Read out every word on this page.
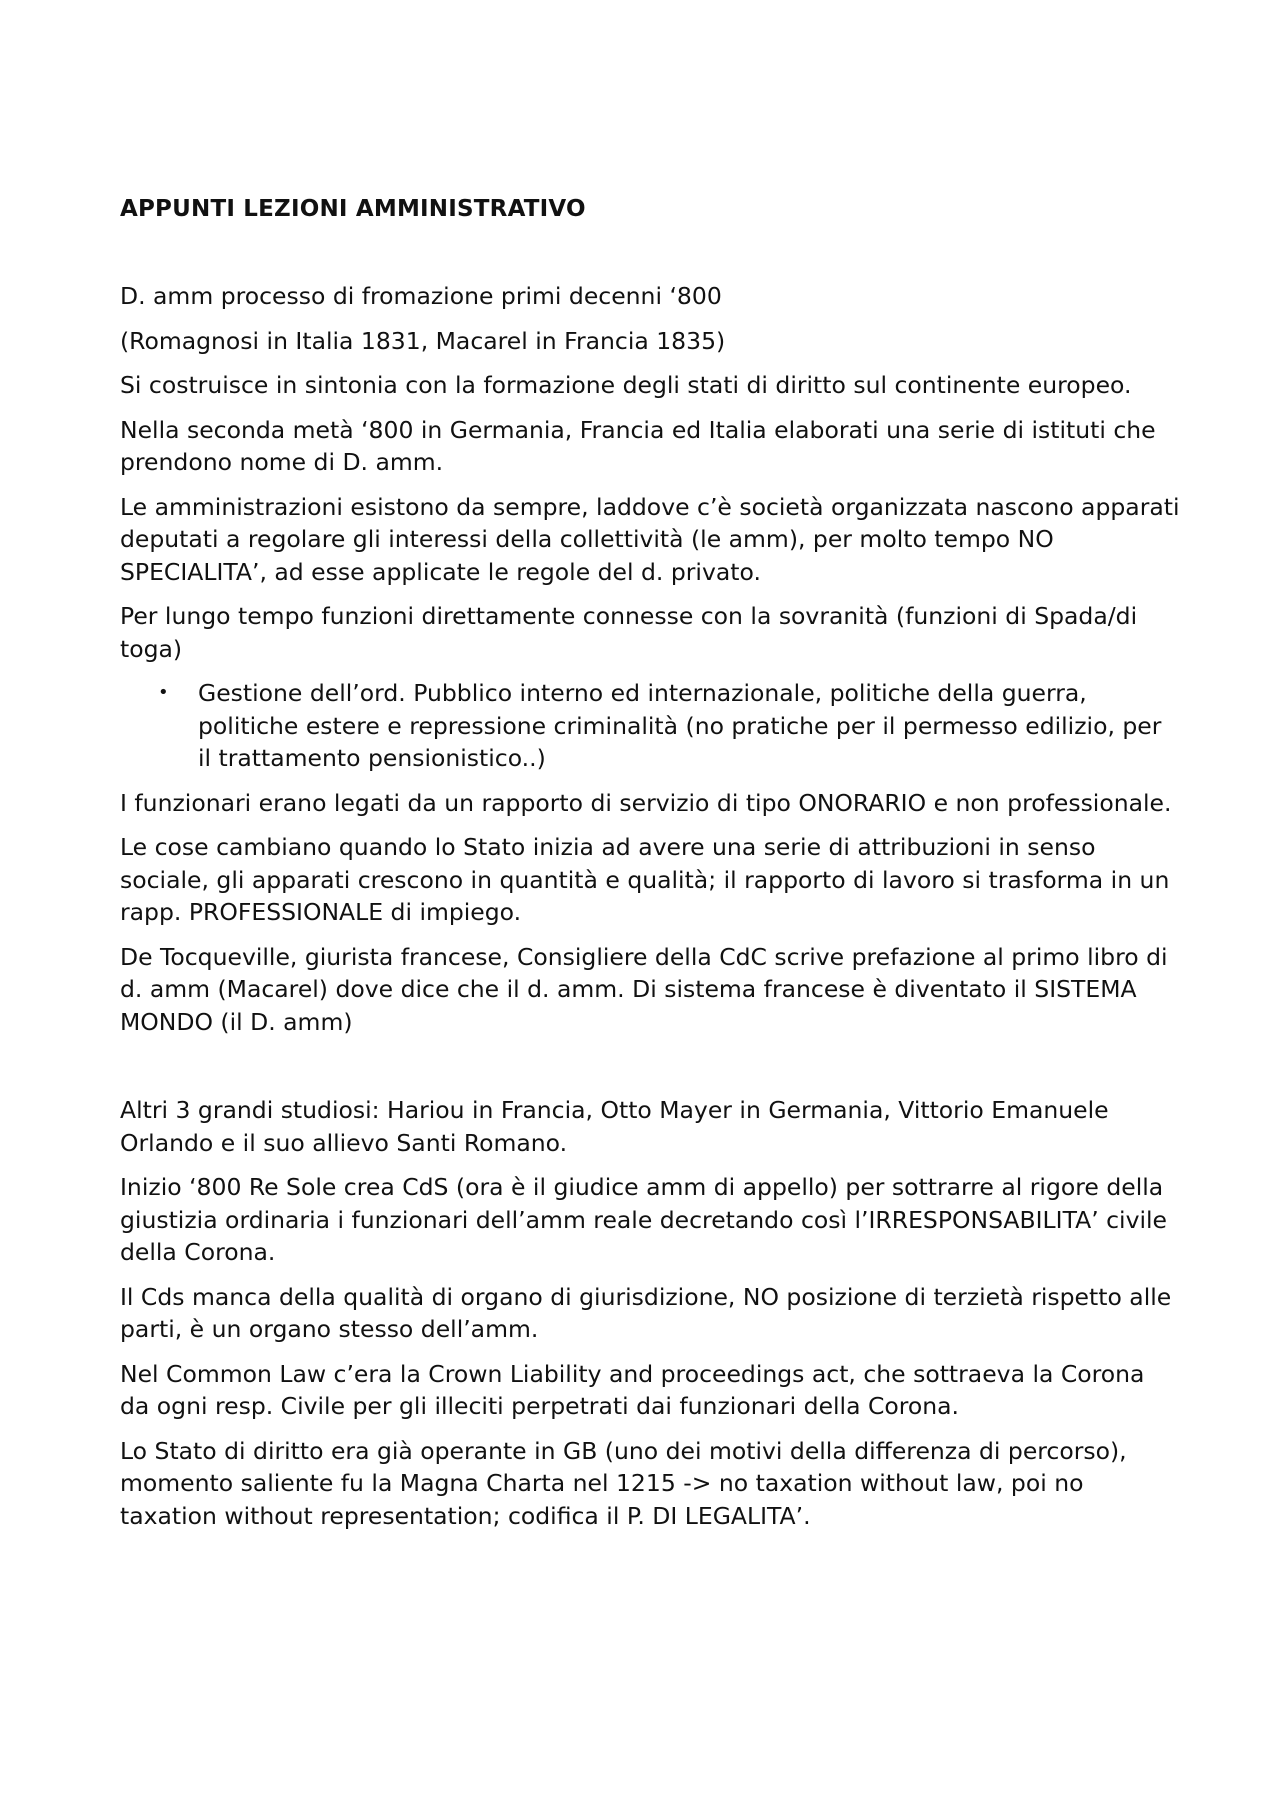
APPUNTI LEZIONI AMMINISTRATIVO

D. amm processo di fromazione primi decenni ‘800

(Romagnosi in Italia 1831, Macarel in Francia 1835)

Si costruisce in sintonia con la formazione degli stati di diritto sul continente europeo.

Nella seconda metà ‘800 in Germania, Francia ed Italia elaborati una serie di istituti che prendono nome di D. amm.

Le amministrazioni esistono da sempre, laddove c’è società organizzata nascono apparati deputati a regolare gli interessi della collettività (le amm), per molto tempo NO SPECIALITA’, ad esse applicate le regole del d. privato.

Per lungo tempo funzioni direttamente connesse con la sovranità (funzioni di Spada/di toga)

• Gestione dell’ord. Pubblico interno ed internazionale, politiche della guerra, politiche estere e repressione criminalità (no pratiche per il permesso edilizio, per il trattamento pensionistico..)

I funzionari erano legati da un rapporto di servizio di tipo ONORARIO e non professionale.

Le cose cambiano quando lo Stato inizia ad avere una serie di attribuzioni in senso sociale, gli apparati crescono in quantità e qualità; il rapporto di lavoro si trasforma in un rapp. PROFESSIONALE di impiego.

De Tocqueville, giurista francese, Consigliere della CdC scrive prefazione al primo libro di d. amm (Macarel) dove dice che il d. amm. Di sistema francese è diventato il SISTEMA MONDO (il D. amm)

Altri 3 grandi studiosi: Hariou in Francia, Otto Mayer in Germania, Vittorio Emanuele Orlando e il suo allievo Santi Romano.

Inizio ‘800 Re Sole crea CdS (ora è il giudice amm di appello) per sottrarre al rigore della giustizia ordinaria i funzionari dell’amm reale decretando così l’IRRESPONSABILITA’ civile della Corona.

Il Cds manca della qualità di organo di giurisdizione, NO posizione di terzietà rispetto alle parti, è un organo stesso dell’amm.

Nel Common Law c’era la Crown Liability and proceedings act, che sottraeva la Corona da ogni resp. Civile per gli illeciti perpetrati dai funzionari della Corona.

Lo Stato di diritto era già operante in GB (uno dei motivi della differenza di percorso), momento saliente fu la Magna Charta nel 1215 -> no taxation without law, poi no taxation without representation; codifica il P. DI LEGALITA’.
